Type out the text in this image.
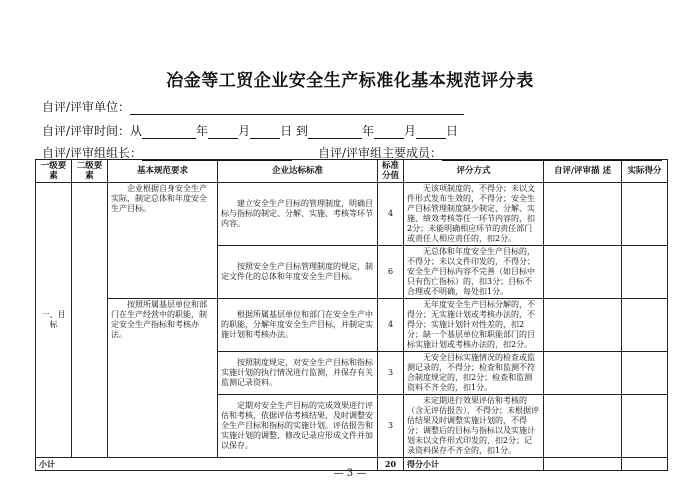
冶金等工贸企业安全生产标准化基本规范评分表
自评/评审单位：
自评/评审时间：从	年	月	日 到	年	月	日
自评/评审组组长：	自评/评审组主要成员：
一级要素	二级要素	基本规范要求	企业达标标准	标准分值	评分方式	自评/评审描 述	实际得分
一、目标		企业根据自身安全生产实际，制定总体和年度安全生产目标。	建立安全生产目标的管理制度，明确目标与指标的制定、分解、实施、考核等环节内容。	4	无该项制度的，不得分；未以文件形式发布生效的，不得分；安全生产目标管理制度缺少制定、分解、实施、绩效考核等任一环节内容的，扣2分；未能明确相应环节的责任部门或责任人相应责任的，扣2分。		
			按照安全生产目标管理制度的规定，制定文件化的总体和年度安全生产目标。	6	无总体和年度安全生产目标的，不得分；未以文件印发的，不得分；安全生产目标内容不完善（如目标中只有伤亡指标）的，扣3分；目标不合理或不明确，每处扣1分。		
		按照所属基层单位和部门在生产经营中的职能，制定安全生产指标和考核办法。	根据所属基层单位和部门在安全生产中的职能，分解年度安全生产目标，并制定实施计划和考核办法。	4	无年度安全生产目标分解的，不得分；无实施计划或考核办法的，不得分；实施计划针对性差的，扣2分；缺一个基层单位和职能部门的目标实施计划或考核办法的，扣2分。		
			按照制度规定，对安全生产目标和指标实施计划的执行情况进行监测，并保存有关监测记录资料。	3	无安全目标实施情况的检查或监测记录的，不得分；检查和监测不符合制度规定的，扣2分；检查和监测资料不齐全的，扣1分。		
			定期对安全生产目标的完成效果进行评估和考核，依据评估考核结果，及时调整安全生产目标和指标的实施计划。评估报告和实施计划的调整、修改记录应形成文件并加以保存。	3	未定期进行效果评估和考核的（含无评估报告），不得分；未根据评估结果及时调整实施计划的，不得分；调整后的目标与指标以及实施计划未以文件形式印发的，扣2分；记录资料保存不齐全的，扣1分。		
小计				20	得分小计		
— 3 —
